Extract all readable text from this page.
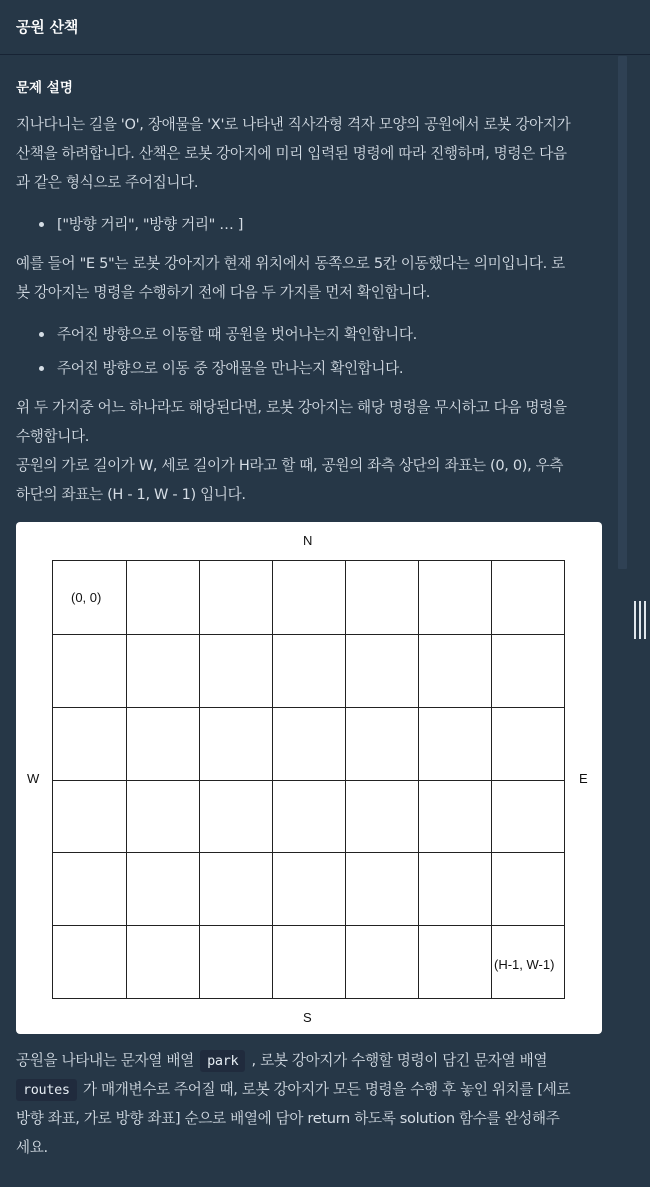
공원 산책
문제 설명
지나다니는 길을 'O', 장애물을 'X'로 나타낸 직사각형 격자 모양의 공원에서 로봇 강아지가
산책을 하려합니다. 산책은 로봇 강아지에 미리 입력된 명령에 따라 진행하며, 명령은 다음
과 같은 형식으로 주어집니다.
["방향 거리", "방향 거리" … ]
예를 들어 "E 5"는 로봇 강아지가 현재 위치에서 동쪽으로 5칸 이동했다는 의미입니다. 로
봇 강아지는 명령을 수행하기 전에 다음 두 가지를 먼저 확인합니다.
주어진 방향으로 이동할 때 공원을 벗어나는지 확인합니다.
주어진 방향으로 이동 중 장애물을 만나는지 확인합니다.
위 두 가지중 어느 하나라도 해당된다면, 로봇 강아지는 해당 명령을 무시하고 다음 명령을
수행합니다.
공원의 가로 길이가 W, 세로 길이가 H라고 할 때, 공원의 좌측 상단의 좌표는 (0, 0), 우측
하단의 좌표는 (H - 1, W - 1) 입니다.
N
S
W	E
(0, 0)
(H-1, W-1)
공원을 나타내는 문자열 배열 park , 로봇 강아지가 수행할 명령이 담긴 문자열 배열
routes 가 매개변수로 주어질 때, 로봇 강아지가 모든 명령을 수행 후 놓인 위치를 [세로
방향 좌표, 가로 방향 좌표] 순으로 배열에 담아 return 하도록 solution 함수를 완성해주
세요.
